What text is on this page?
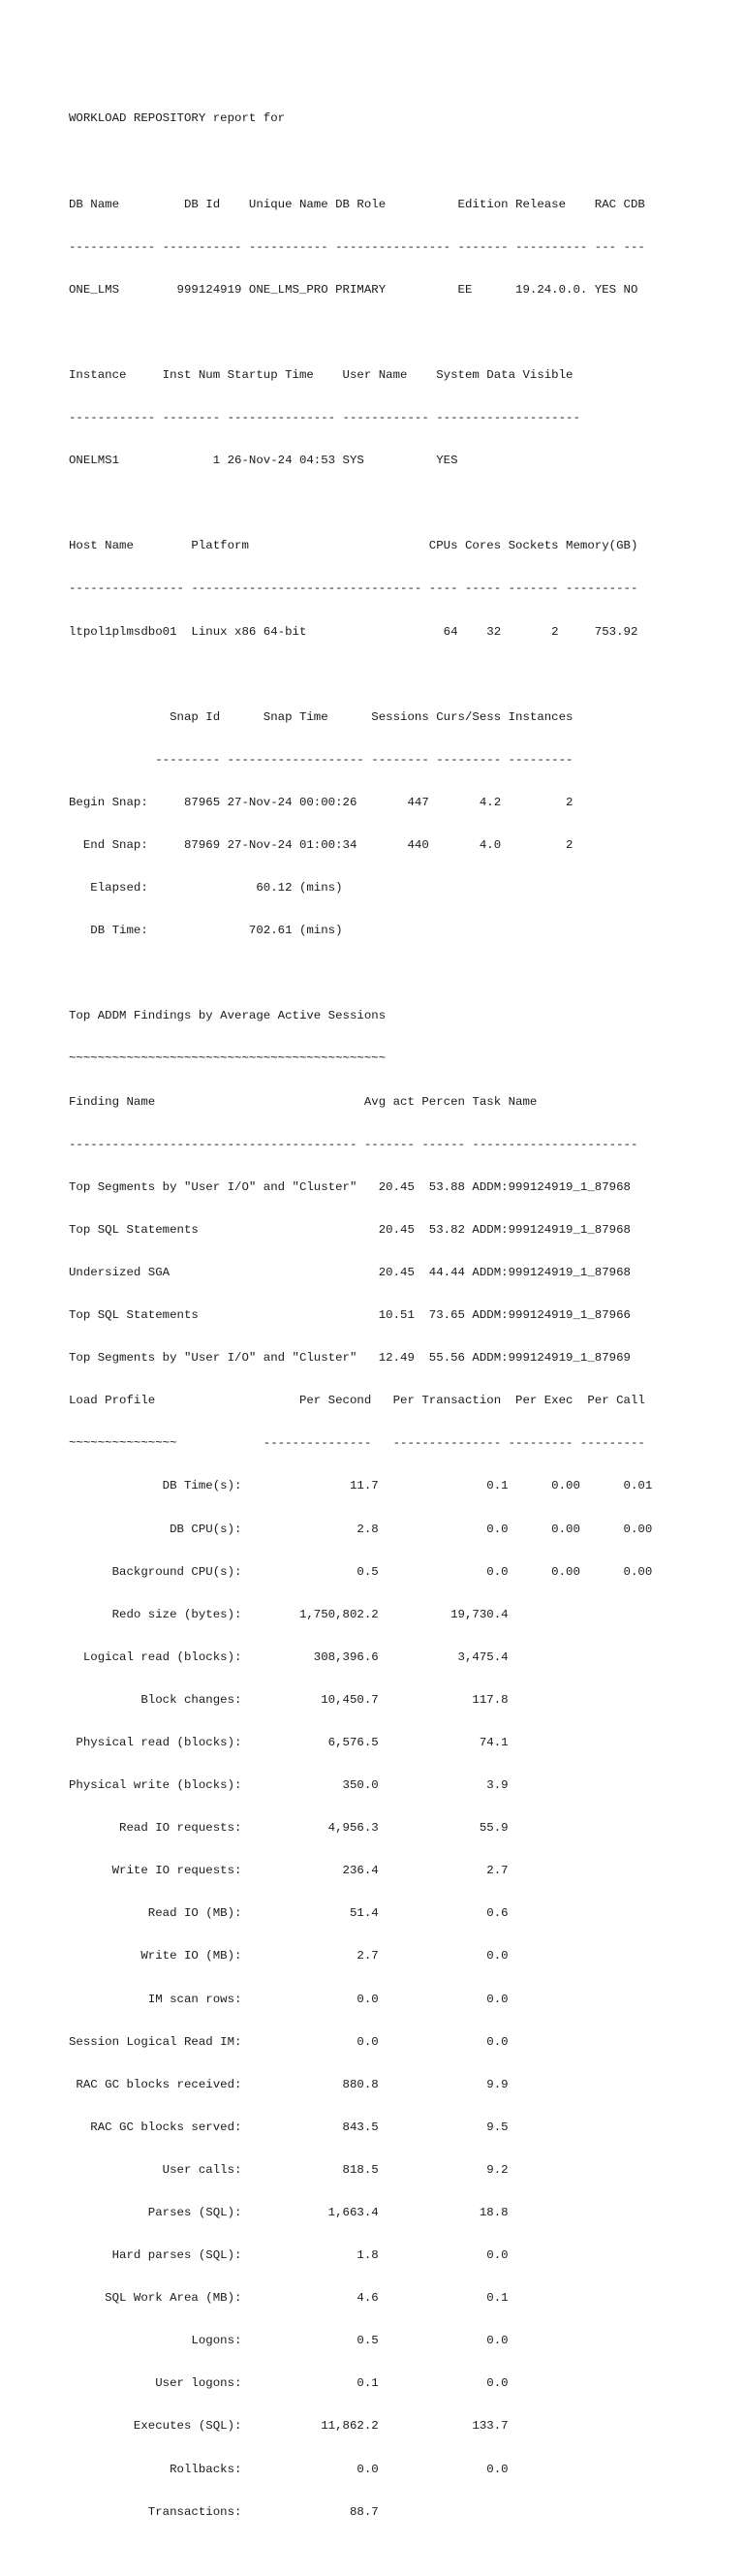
WORKLOAD REPOSITORY report for

DB Name         DB Id    Unique Name DB Role          Edition Release    RAC CDB

------------ ----------- ----------- ---------------- ------- ---------- --- ---

ONE_LMS        999124919 ONE_LMS_PRO PRIMARY          EE      19.24.0.0. YES NO

Instance     Inst Num Startup Time    User Name    System Data Visible

------------ -------- --------------- ------------ --------------------

ONELMS1             1 26-Nov-24 04:53 SYS          YES

Host Name        Platform                         CPUs Cores Sockets Memory(GB)

---------------- -------------------------------- ---- ----- ------- ----------

ltpol1plmsdbo01  Linux x86 64-bit                   64    32       2     753.92

Snap Id      Snap Time      Sessions Curs/Sess Instances

--------- ------------------- -------- --------- ---------

Begin Snap:     87965 27-Nov-24 00:00:26       447       4.2         2

End Snap:     87969 27-Nov-24 01:00:34       440       4.0         2

Elapsed:               60.12 (mins)

DB Time:              702.61 (mins)

Top ADDM Findings by Average Active Sessions

~~~~~~~~~~~~~~~~~~~~~~~~~~~~~~~~~~~~~~~~~~~~

Finding Name                             Avg act Percen Task Name

---------------------------------------- ------- ------ -----------------------

Top Segments by "User I/O" and "Cluster"   20.45  53.88 ADDM:999124919_1_87968

Top SQL Statements                         20.45  53.82 ADDM:999124919_1_87968

Undersized SGA                             20.45  44.44 ADDM:999124919_1_87968

Top SQL Statements                         10.51  73.65 ADDM:999124919_1_87966

Top Segments by "User I/O" and "Cluster"   12.49  55.56 ADDM:999124919_1_87969

Load Profile                    Per Second   Per Transaction  Per Exec  Per Call

~~~~~~~~~~~~~~~            ---------------   --------------- --------- ---------

DB Time(s):               11.7               0.1      0.00      0.01

DB CPU(s):                2.8               0.0      0.00      0.00

Background CPU(s):                0.5               0.0      0.00      0.00

Redo size (bytes):        1,750,802.2          19,730.4

Logical read (blocks):          308,396.6           3,475.4

Block changes:           10,450.7             117.8

Physical read (blocks):            6,576.5              74.1

Physical write (blocks):              350.0               3.9

Read IO requests:            4,956.3              55.9

Write IO requests:              236.4               2.7

Read IO (MB):               51.4               0.6

Write IO (MB):                2.7               0.0

IM scan rows:                0.0               0.0

Session Logical Read IM:                0.0               0.0

RAC GC blocks received:              880.8               9.9

RAC GC blocks served:              843.5               9.5

User calls:              818.5               9.2

Parses (SQL):            1,663.4              18.8

Hard parses (SQL):                1.8               0.0

SQL Work Area (MB):                4.6               0.1

Logons:                0.5               0.0

User logons:                0.1               0.0

Executes (SQL):           11,862.2             133.7

Rollbacks:                0.0               0.0

Transactions:               88.7
